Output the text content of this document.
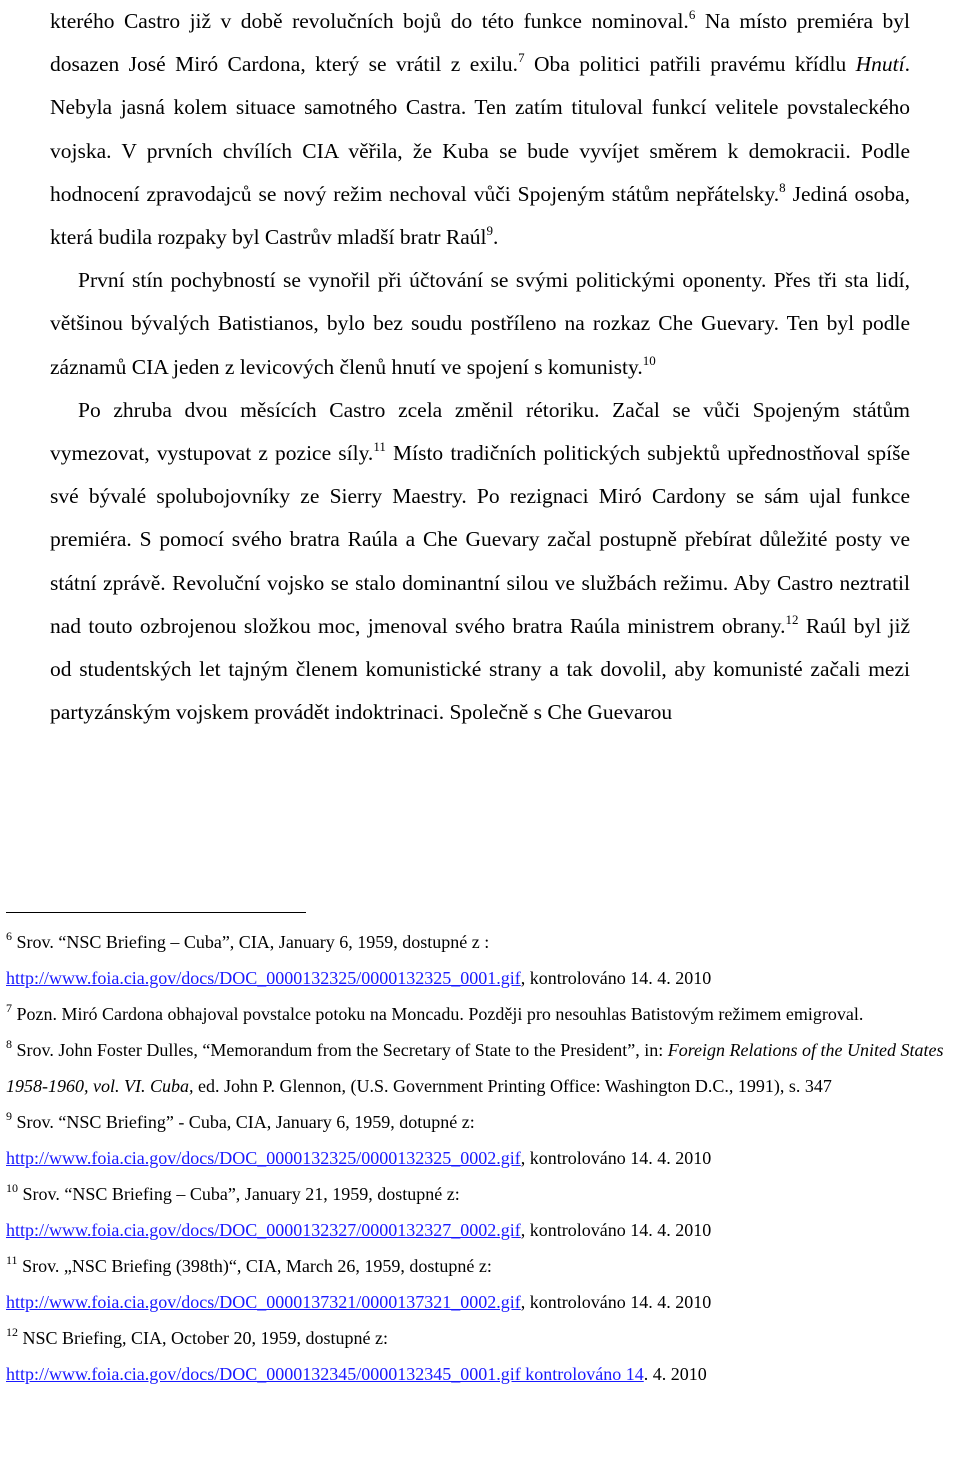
kterého Castro již v době revolučních bojů do této funkce nominoval.$^6$ Na místo premiéra byl dosazen José Miró Cardona, který se vrátil z exilu.$^7$ Oba politici patřili pravému křídlu Hnutí. Nebyla jasná kolem situace samotného Castra. Ten zatím tituloval funkcí velitele povstaleckého vojska. V prvních chvílích CIA věřila, že Kuba se bude vyvíjet směrem k demokracii. Podle hodnocení zpravodajců se nový režim nechoval vůči Spojeným státům nepřátelsky.$^8$ Jediná osoba, která budila rozpaky byl Castrův mladší bratr Raúl$^9$.

První stín pochybností se vynořil při účtování se svými politickými oponenty. Přes tři sta lidí, většinou bývalých Batistianos, bylo bez soudu postříleno na rozkaz Che Guevary. Ten byl podle záznamů CIA jeden z levicových členů hnutí ve spojení s komunisty.$^{10}$

Po zhruba dvou měsících Castro zcela změnil rétoriku. Začal se vůči Spojeným státům vymezovat, vystupovat z pozice síly.$^{11}$ Místo tradičních politických subjektů upřednostňoval spíše své bývalé spolubojovníky ze Sierry Maestry. Po rezignaci Miró Cardony se sám ujal funkce premiéra. S pomocí svého bratra Raúla a Che Guevary začal postupně přebírat důležité posty ve státní zprávě. Revoluční vojsko se stalo dominantní silou ve službách režimu. Aby Castro neztratil nad touto ozbrojenou složkou moc, jmenoval svého bratra Raúla ministrem obrany.$^{12}$ Raúl byl již od studentských let tajným členem komunistické strany a tak dovolil, aby komunisté začali mezi partyzánským vojskem provádět indoktrinaci. Společně s Che Guevarou

$^6$ Srov. “NSC Briefing – Cuba”, CIA, January 6, 1959, dostupné z :

http://www.foia.cia.gov/docs/DOC_0000132325/0000132325_0001.gif, kontrolováno 14. 4. 2010

$^7$ Pozn. Miró Cardona obhajoval povstalce potoku na Moncadu. Později pro nesouhlas Batistovým režimem emigroval.

$^8$ Srov. John Foster Dulles, “Memorandum from the Secretary of State to the President”, in: Foreign Relations of the United States 1958-1960, vol. VI. Cuba, ed. John P. Glennon, (U.S. Government Printing Office: Washington D.C., 1991), s. 347

$^9$ Srov. “NSC Briefing” - Cuba, CIA, January 6, 1959, dotupné z:

http://www.foia.cia.gov/docs/DOC_0000132325/0000132325_0002.gif, kontrolováno 14. 4. 2010

$^{10}$ Srov. “NSC Briefing – Cuba”, January 21, 1959, dostupné z:

http://www.foia.cia.gov/docs/DOC_0000132327/0000132327_0002.gif, kontrolováno 14. 4. 2010

$^{11}$ Srov. „NSC Briefing (398th)“, CIA, March 26, 1959, dostupné z:

http://www.foia.cia.gov/docs/DOC_0000137321/0000137321_0002.gif, kontrolováno 14. 4. 2010

$^{12}$ NSC Briefing, CIA, October 20, 1959, dostupné z:

http://www.foia.cia.gov/docs/DOC_0000132345/0000132345_0001.gif kontrolováno 14. 4. 2010
